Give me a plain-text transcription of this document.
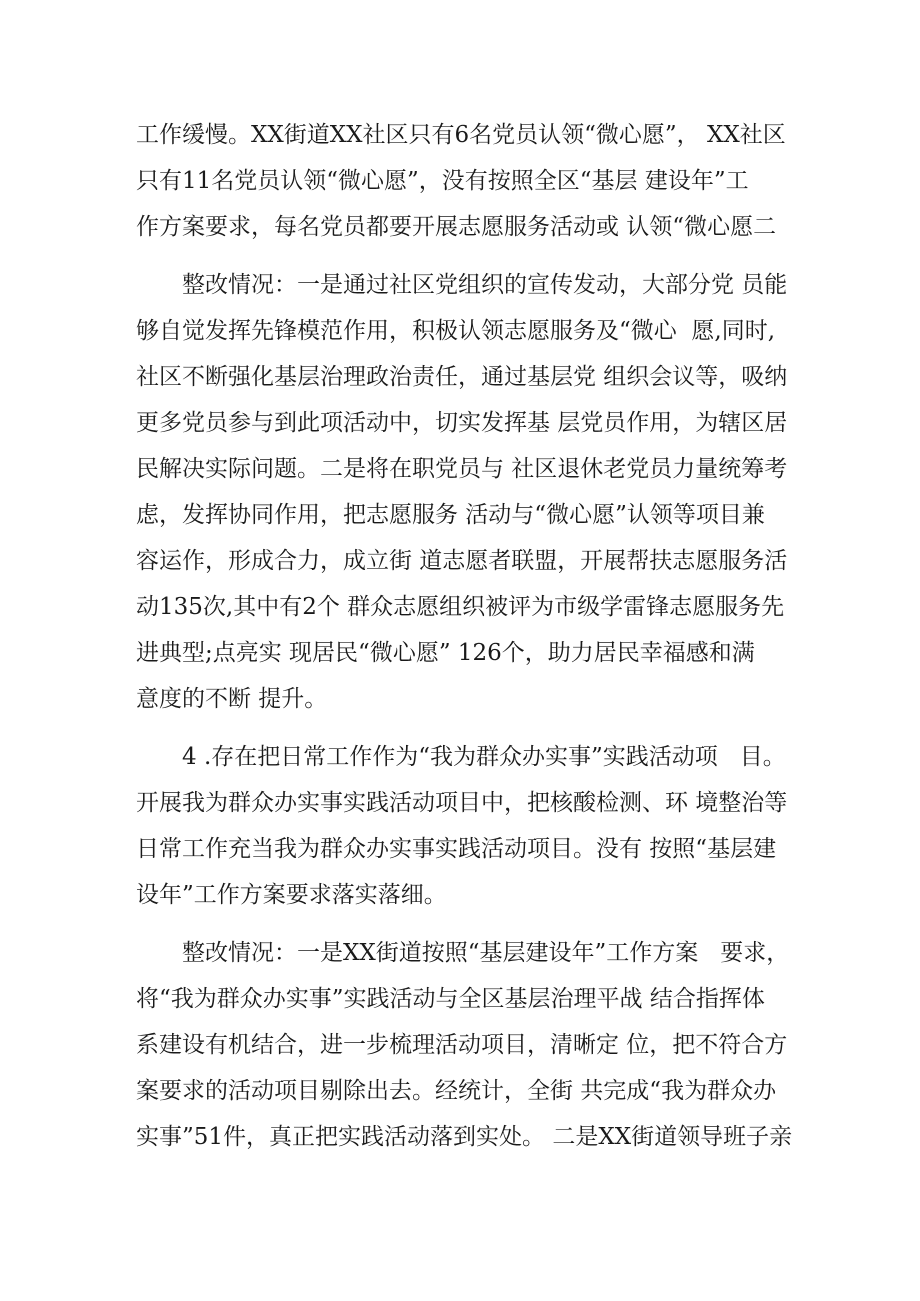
工作缓慢。XX街道XX社区只有6名党员认领“微心愿”， XX社区
只有11名党员认领“微心愿”，没有按照全区“基层 建设年”工
作方案要求，每名党员都要开展志愿服务活动或 认领“微心愿二
整改情况：一是通过社区党组织的宣传发动，大部分党 员能
够自觉发挥先锋模范作用，积极认领志愿服务及“微心  愿,同时,
社区不断强化基层治理政治责任，通过基层党 组织会议等，吸纳
更多党员参与到此项活动中，切实发挥基 层党员作用，为辖区居
民解决实际问题。二是将在职党员与 社区退休老党员力量统筹考
虑，发挥协同作用，把志愿服务 活动与“微心愿”认领等项目兼
容运作，形成合力，成立街 道志愿者联盟，开展帮扶志愿服务活
动135次,其中有2个 群众志愿组织被评为市级学雷锋志愿服务先
进典型;点亮实 现居民“微心愿” 126个，助力居民幸福感和满
意度的不断 提升。
4 .存在把日常工作作为“我为群众办实事”实践活动项   目。
开展我为群众办实事实践活动项目中，把核酸检测、环 境整治等
日常工作充当我为群众办实事实践活动项目。没有 按照“基层建
设年”工作方案要求落实落细。
整改情况：一是XX街道按照“基层建设年”工作方案   要求，
将“我为群众办实事”实践活动与全区基层治理平战 结合指挥体
系建设有机结合，进一步梳理活动项目，清晰定 位，把不符合方
案要求的活动项目剔除出去。经统计，全街 共完成“我为群众办
实事”51件，真正把实践活动落到实处。 二是XX街道领导班子亲
